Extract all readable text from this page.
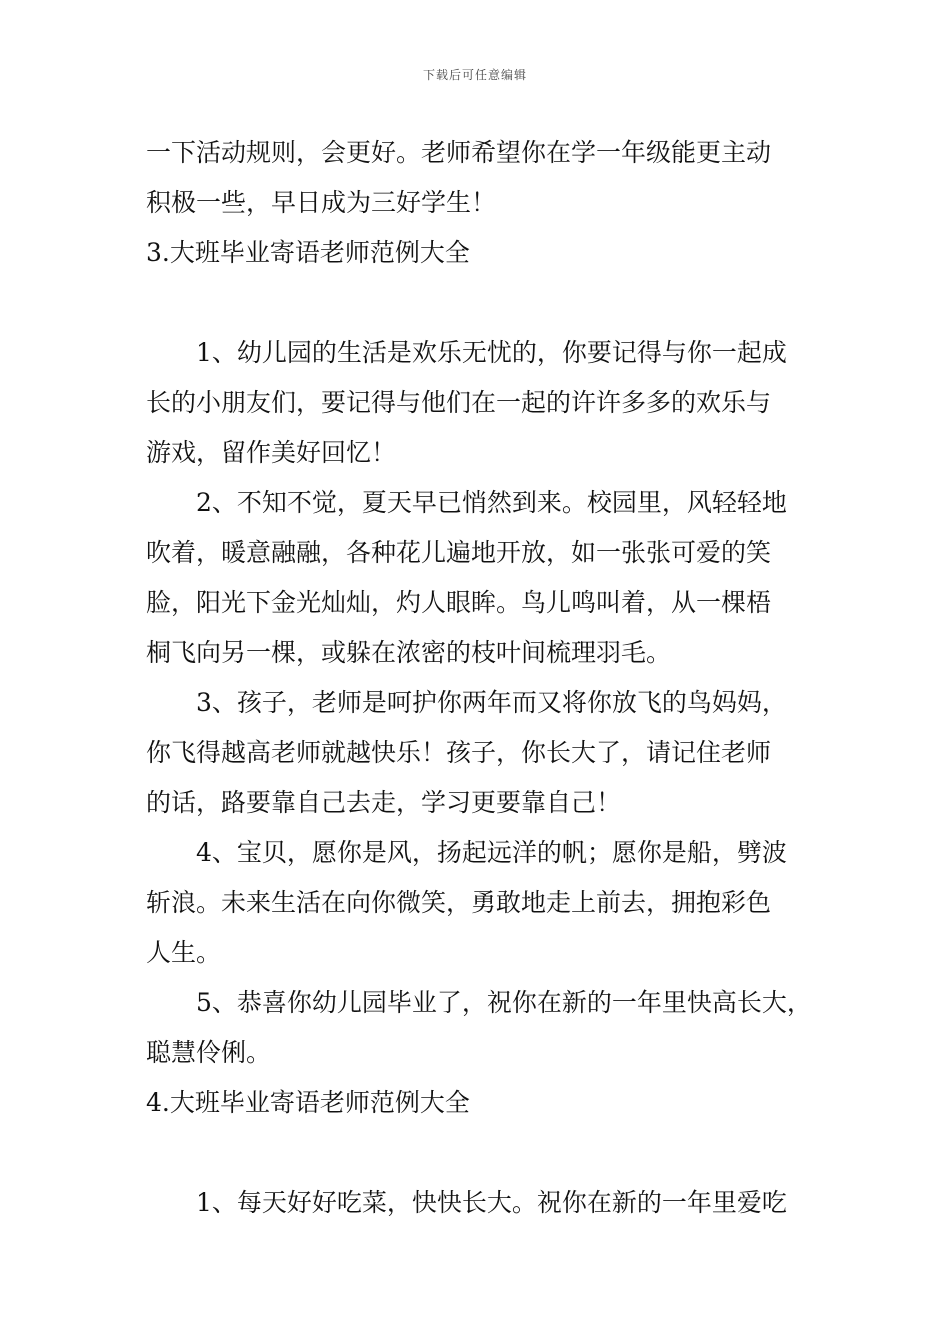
下载后可任意编辑
一下活动规则，会更好。老师希望你在学一年级能更主动
积极一些，早日成为三好学生！
3.大班毕业寄语老师范例大全
1、幼儿园的生活是欢乐无忧的，你要记得与你一起成
长的小朋友们，要记得与他们在一起的许许多多的欢乐与
游戏，留作美好回忆！
2、不知不觉，夏天早已悄然到来。校园里，风轻轻地
吹着，暖意融融，各种花儿遍地开放，如一张张可爱的笑
脸，阳光下金光灿灿，灼人眼眸。鸟儿鸣叫着，从一棵梧
桐飞向另一棵，或躲在浓密的枝叶间梳理羽毛。
3、孩子，老师是呵护你两年而又将你放飞的鸟妈妈，
你飞得越高老师就越快乐！孩子，你长大了，请记住老师
的话，路要靠自己去走，学习更要靠自己！
4、宝贝，愿你是风，扬起远洋的帆；愿你是船，劈波
斩浪。未来生活在向你微笑，勇敢地走上前去，拥抱彩色
人生。
5、恭喜你幼儿园毕业了，祝你在新的一年里快高长大，
聪慧伶俐。
4.大班毕业寄语老师范例大全
1、每天好好吃菜，快快长大。祝你在新的一年里爱吃
